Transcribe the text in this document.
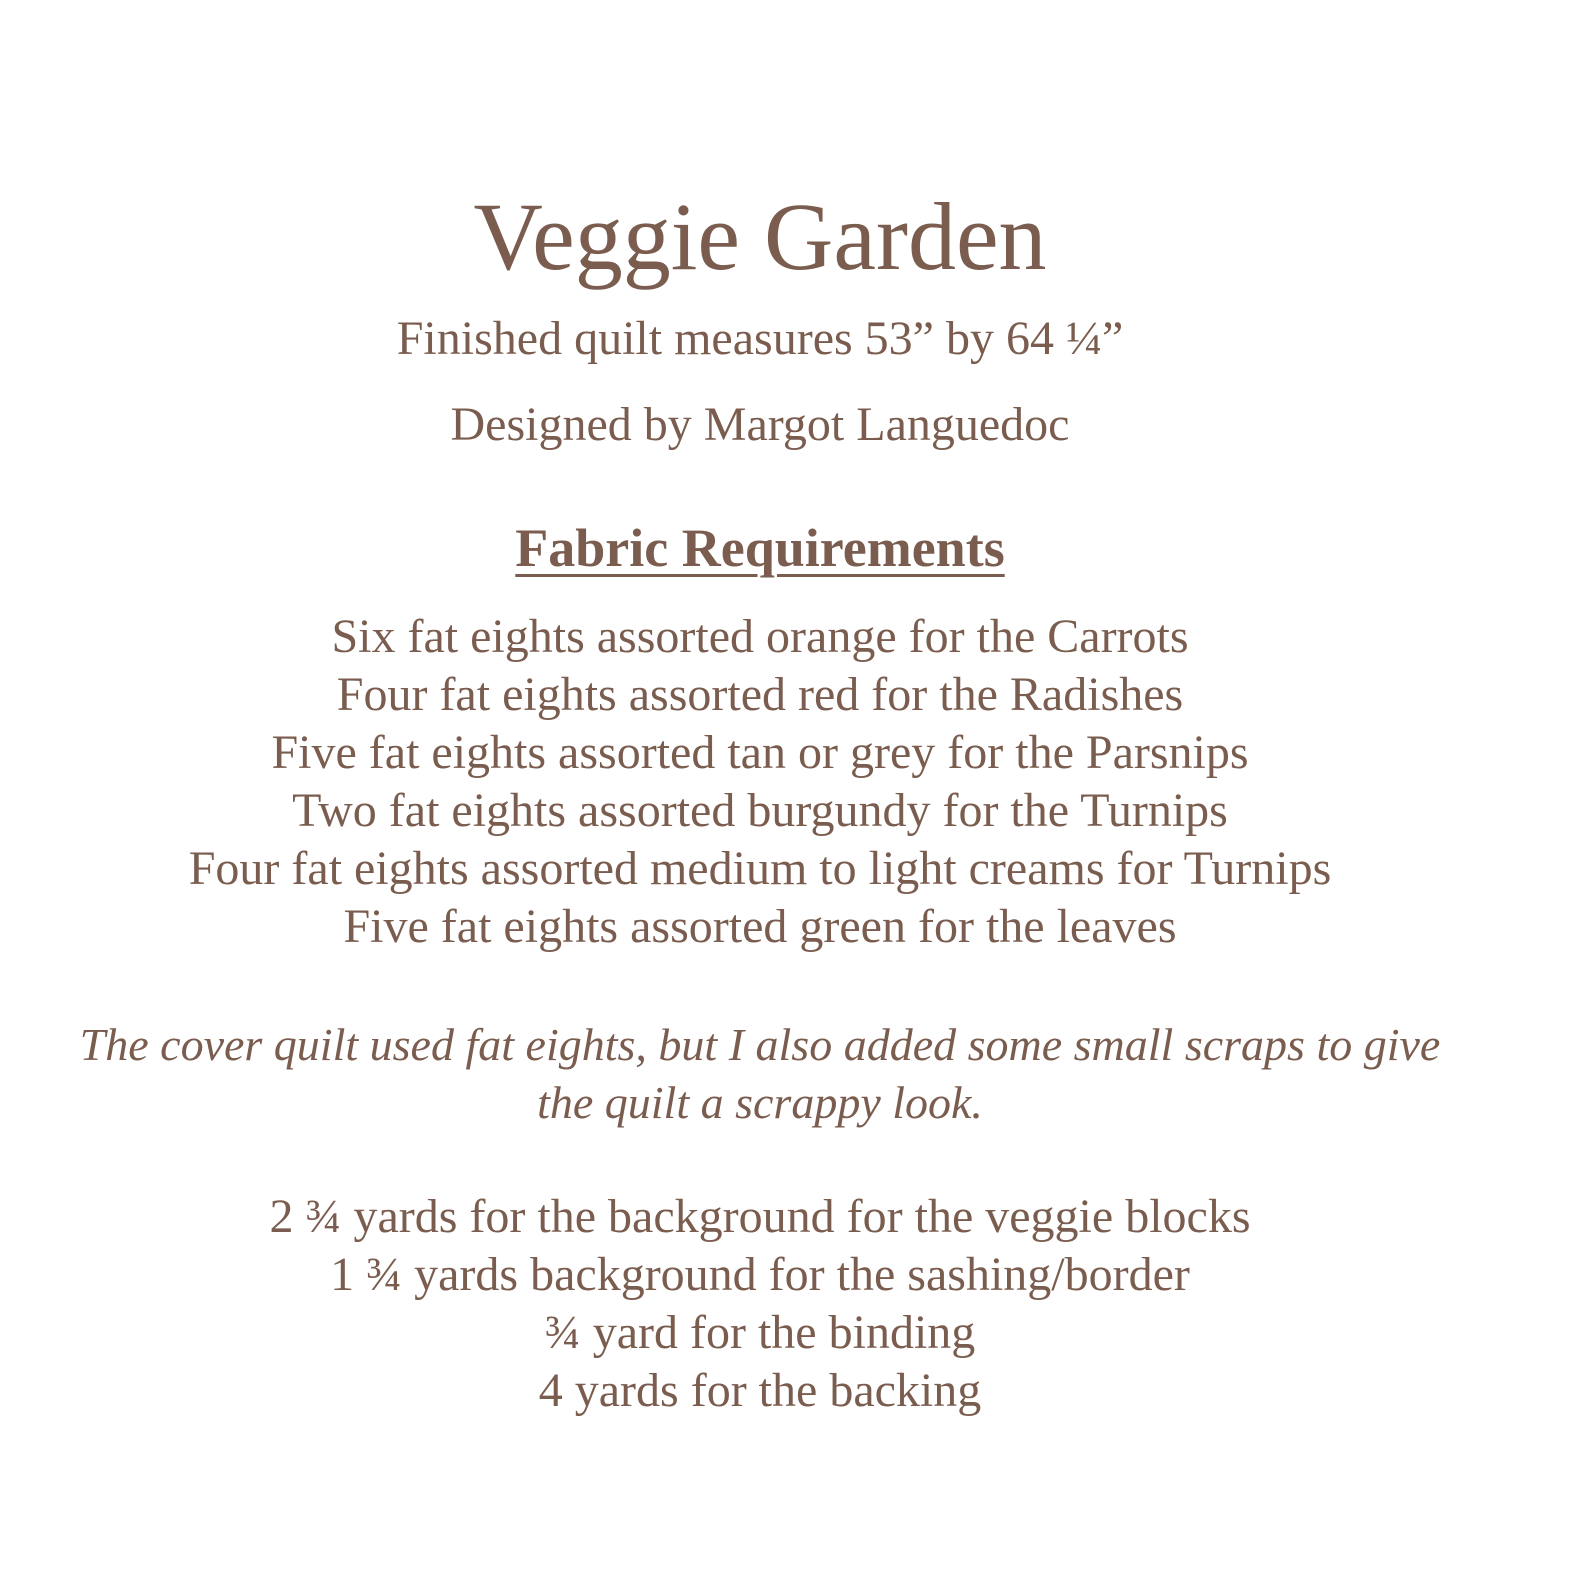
Veggie Garden

Finished quilt measures 53” by 64 ¼”

Designed by Margot Languedoc

Fabric Requirements
Six fat eights assorted orange for the Carrots
Four fat eights assorted red for the Radishes
Five fat eights assorted tan or grey for the Parsnips
Two fat eights assorted burgundy for the Turnips
Four fat eights assorted medium to light creams for Turnips
Five fat eights assorted green for the leaves

The cover quilt used fat eights, but I also added some small scraps to give
the quilt a scrappy look.

2 ¾ yards for the background for the veggie blocks
1 ¾ yards background for the sashing/border
¾ yard for the binding
4 yards for the backing
